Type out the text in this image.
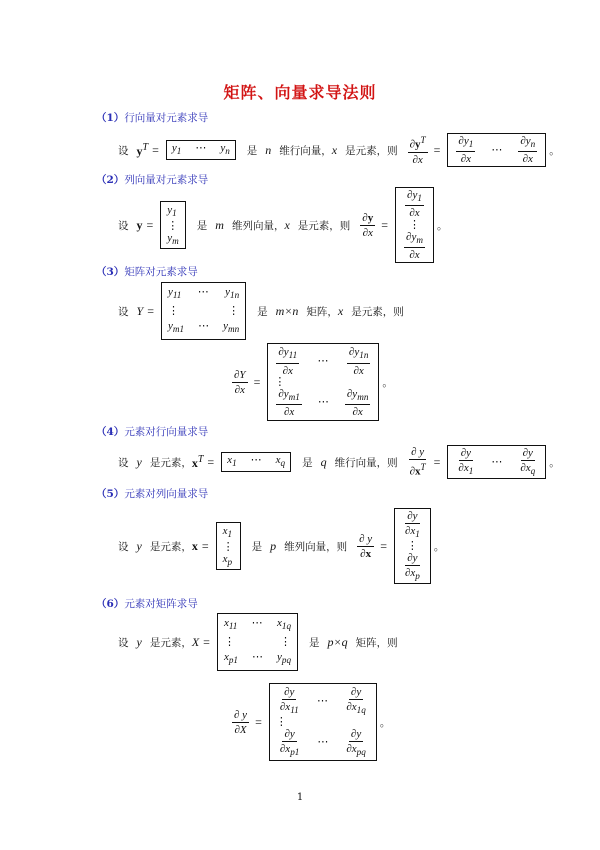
矩阵、向量求导法则
（1）行向量对元素求导
设 $y^T = y_1$ ⋯ $y_n$ 是 n 维行向量 ， x 是元素 ， 则 $\frac{\partial y^T}{\partial x} = \frac{\partial y_1}{\partial x}$ ⋯ $\frac{\partial y_n}{\partial x}$ 。
（2）列向量对元素求导
设 y =
$y_1$
⋮
$y_m$
是 m 维列向量 ， x 是元素 ， 则 $\frac{\partial y}{\partial x}$ =
$\frac{\partial y_1}{\partial x}$
⋮
$\frac{\partial y_m}{\partial x}$
。
（3）矩阵对元素求导
设 Y =
$y_{11}$ ⋯ $y_{1n}$
⋮	⋮
$y_{m1}$ ⋯ $y_{mn}$
是 m×n 矩阵 ， x 是元素 ， 则
$\frac{\partial Y}{\partial x}$ =
$\frac{\partial y_{11}}{\partial x}$ ⋯ $\frac{\partial y_{1n}}{\partial x}$
⋮
$\frac{\partial y_{m1}}{\partial x}$ ⋯ $\frac{\partial y_{mn}}{\partial x}$
。
（4）元素对行向量求导
设 y 是元素 ， $x^T = x_1$ ⋯ $x_q$ 是 q 维行向量 ， 则 $\frac{\partial y}{\partial x^T} = \frac{\partial y}{\partial x_1}$ ⋯ $\frac{\partial y}{\partial x_q}$ 。
（5）元素对列向量求导
设 y 是元素 ， x =
$x_1$
⋮
$x_p$
是 p 维列向量 ， 则 $\frac{\partial y}{\partial x}$ =
$\frac{\partial y}{\partial x_1}$
⋮
$\frac{\partial y}{\partial x_p}$
。
（6）元素对矩阵求导
设 y 是元素 ， X =
$x_{11}$ ⋯ $x_{1q}$
⋮	⋮
$x_{p1}$ ⋯ $y_{pq}$
是 p×q 矩阵 ， 则
$\frac{\partial y}{\partial X}$ =
$\frac{\partial y}{\partial x_{11}}$ ⋯ $\frac{\partial y}{\partial x_{1q}}$
⋮
$\frac{\partial y}{\partial x_{p1}}$ ⋯ $\frac{\partial y}{\partial x_{pq}}$
。
1
